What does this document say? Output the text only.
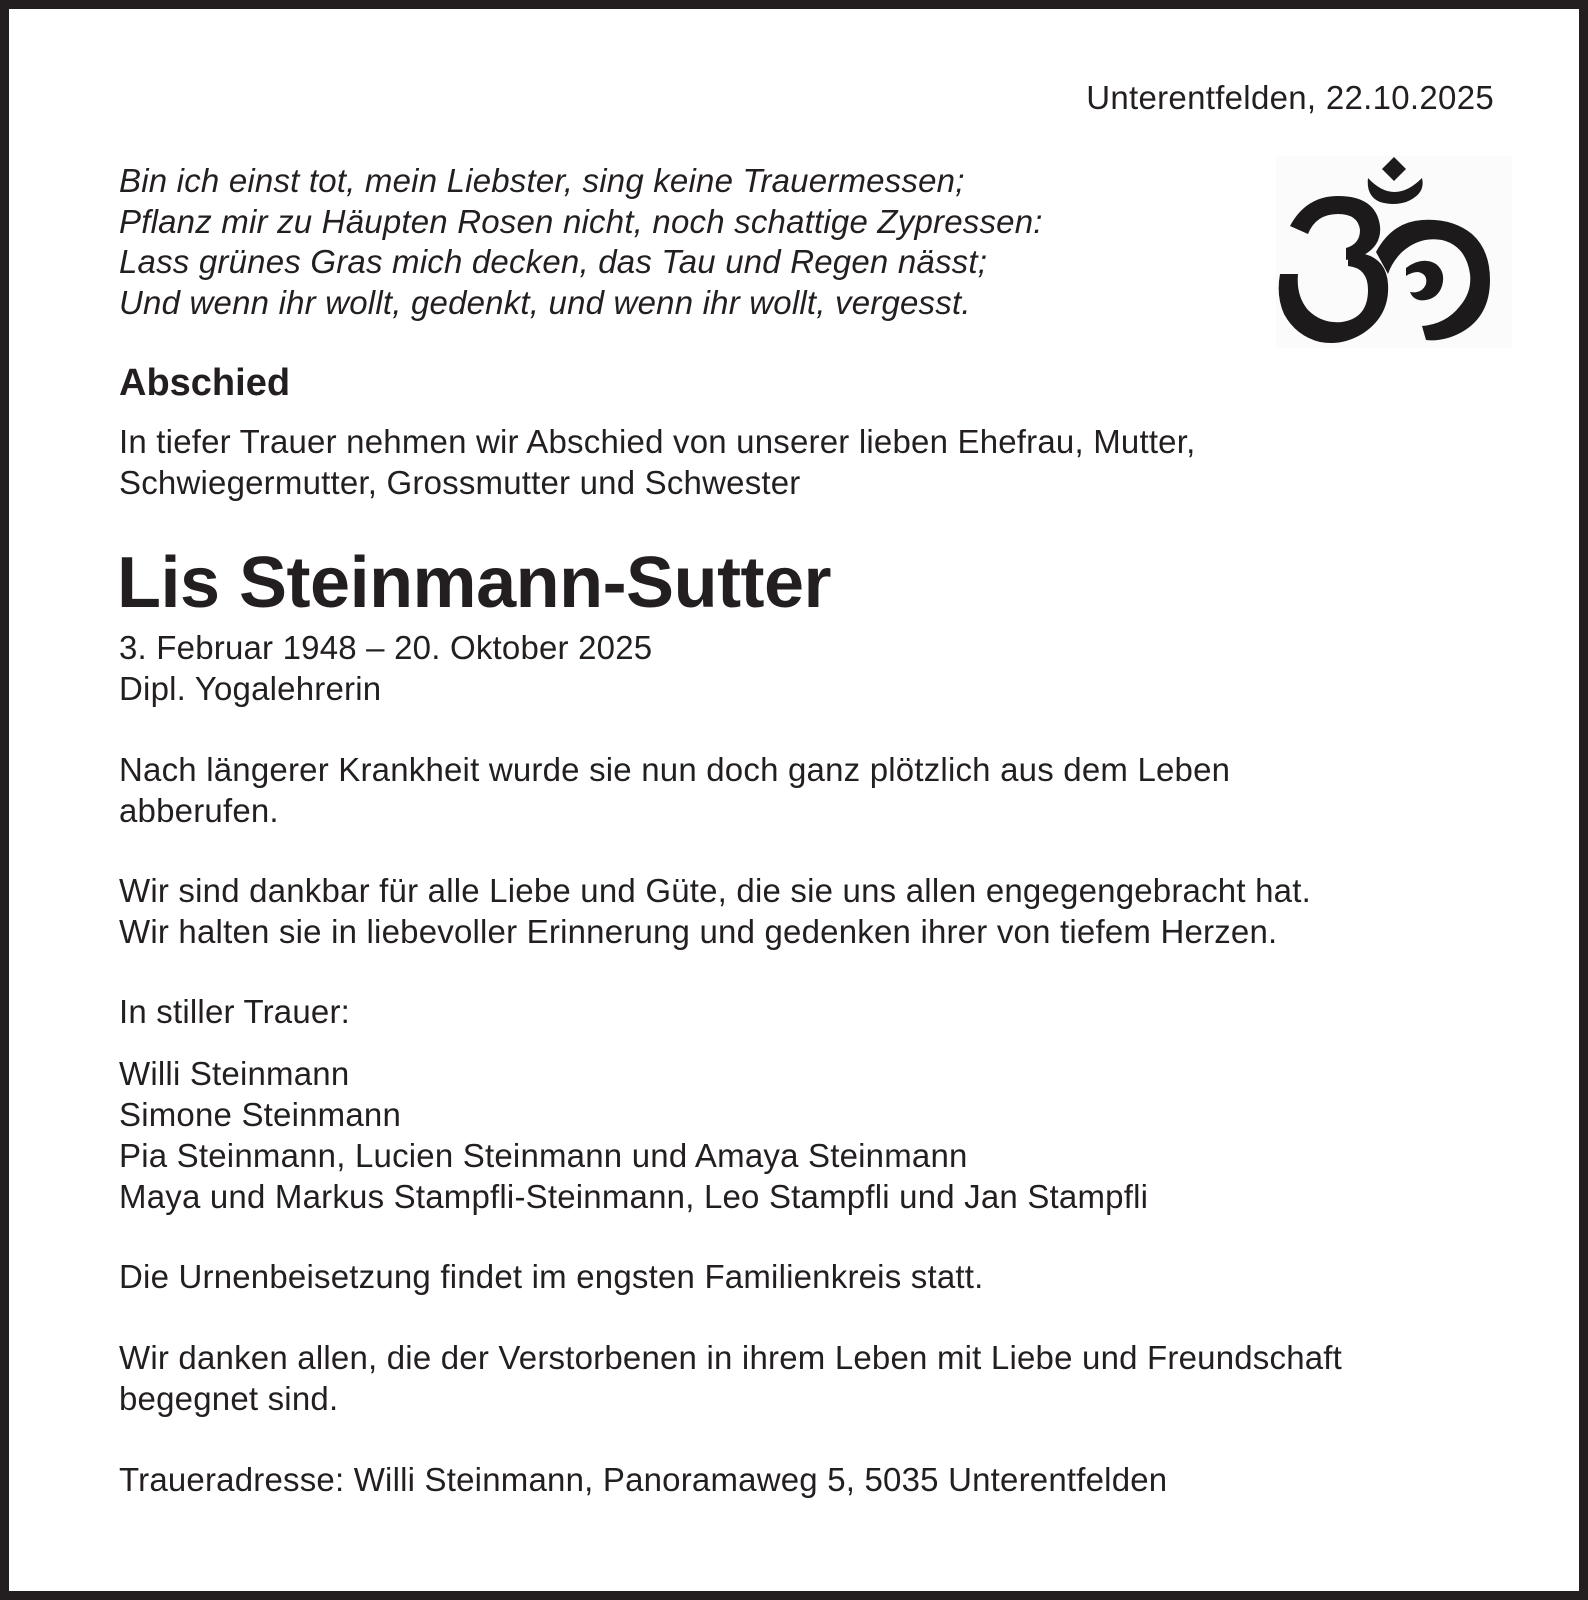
Unterentfelden, 22.10.2025
Bin ich einst tot, mein Liebster, sing keine Trauermessen;
Pflanz mir zu Häupten Rosen nicht, noch schattige Zypressen:
Lass grünes Gras mich decken, das Tau und Regen nässt;
Und wenn ihr wollt, gedenkt, und wenn ihr wollt, vergesst.
Abschied
In tiefer Trauer nehmen wir Abschied von unserer lieben Ehefrau, Mutter,
Schwiegermutter, Grossmutter und Schwester
Lis Steinmann-Sutter
3. Februar 1948 – 20. Oktober 2025
Dipl. Yogalehrerin
Nach längerer Krankheit wurde sie nun doch ganz plötzlich aus dem Leben
abberufen.
Wir sind dankbar für alle Liebe und Güte, die sie uns allen engegengebracht hat.
Wir halten sie in liebevoller Erinnerung und gedenken ihrer von tiefem Herzen.
In stiller Trauer:
Willi Steinmann
Simone Steinmann
Pia Steinmann, Lucien Steinmann und Amaya Steinmann
Maya und Markus Stampfli-Steinmann, Leo Stampfli und Jan Stampfli
Die Urnenbeisetzung findet im engsten Familienkreis statt.
Wir danken allen, die der Verstorbenen in ihrem Leben mit Liebe und Freundschaft
begegnet sind.
Traueradresse: Willi Steinmann, Panoramaweg 5, 5035 Unterentfelden
